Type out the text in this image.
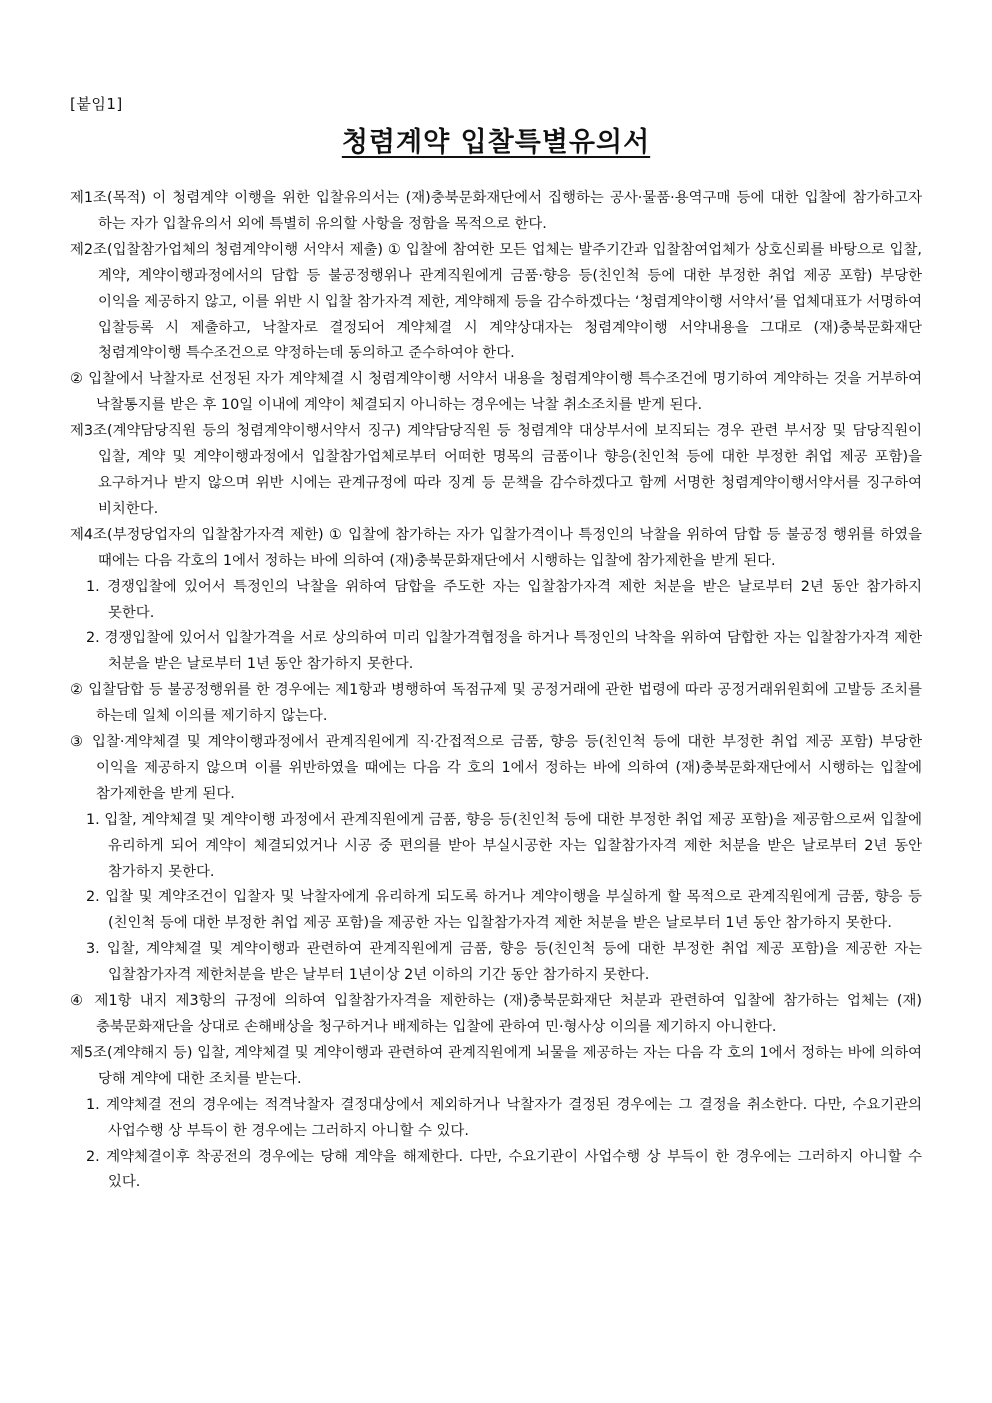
[붙임1]
청렴계약 입찰특별유의서

제1조(목적) 이 청렴계약 이행을 위한 입찰유의서는 (재)충북문화재단에서 집행하는 공사·물품·용역구매 등에 대한 입찰에 참가하고자 하는 자가 입찰유의서 외에 특별히 유의할 사항을 정함을 목적으로 한다.

제2조(입찰참가업체의 청렴계약이행 서약서 제출) ① 입찰에 참여한 모든 업체는 발주기간과 입찰참여업체가 상호신뢰를 바탕으로 입찰, 계약, 계약이행과정에서의 담합 등 불공정행위나 관계직원에게 금품·향응 등(친인척 등에 대한 부정한 취업 제공 포함) 부당한 이익을 제공하지 않고, 이를 위반 시 입찰 참가자격 제한, 계약해제 등을 감수하겠다는 ‘청렴계약이행 서약서’를 업체대표가 서명하여 입찰등록 시 제출하고, 낙찰자로 결정되어 계약체결 시 계약상대자는 청렴계약이행 서약내용을 그대로 (재)충북문화재단 청렴계약이행 특수조건으로 약정하는데 동의하고 준수하여야 한다.

② 입찰에서 낙찰자로 선정된 자가 계약체결 시 청렴계약이행 서약서 내용을 청렴계약이행 특수조건에 명기하여 계약하는 것을 거부하여 낙찰통지를 받은 후 10일 이내에 계약이 체결되지 아니하는 경우에는 낙찰 취소조치를 받게 된다.

제3조(계약담당직원 등의 청렴계약이행서약서 징구) 계약담당직원 등 청렴계약 대상부서에 보직되는 경우 관련 부서장 및 담당직원이 입찰, 계약 및 계약이행과정에서 입찰참가업체로부터 어떠한 명목의 금품이나 향응(친인척 등에 대한 부정한 취업 제공 포함)을 요구하거나 받지 않으며 위반 시에는 관계규정에 따라 징계 등 문책을 감수하겠다고 함께 서명한 청렴계약이행서약서를 징구하여 비치한다.

제4조(부정당업자의 입찰참가자격 제한) ① 입찰에 참가하는 자가 입찰가격이나 특정인의 낙찰을 위하여 담합 등 불공정 행위를 하였을 때에는 다음 각호의 1에서 정하는 바에 의하여 (재)충북문화재단에서 시행하는 입찰에 참가제한을 받게 된다.

1. 경쟁입찰에 있어서 특정인의 낙찰을 위하여 담합을 주도한 자는 입찰참가자격 제한 처분을 받은 날로부터 2년 동안 참가하지 못한다.

2. 경쟁입찰에 있어서 입찰가격을 서로 상의하여 미리 입찰가격협정을 하거나 특정인의 낙착을 위하여 담합한 자는 입찰참가자격 제한 처분을 받은 날로부터 1년 동안 참가하지 못한다.

② 입찰담합 등 불공정행위를 한 경우에는 제1항과 병행하여 독점규제 및 공정거래에 관한 법령에 따라 공정거래위원회에 고발등 조치를 하는데 일체 이의를 제기하지 않는다.

③ 입찰·계약체결 및 계약이행과정에서 관계직원에게 직·간접적으로 금품, 향응 등(친인척 등에 대한 부정한 취업 제공 포함) 부당한 이익을 제공하지 않으며 이를 위반하였을 때에는 다음 각 호의 1에서 정하는 바에 의하여 (재)충북문화재단에서 시행하는 입찰에 참가제한을 받게 된다.

1. 입찰, 계약체결 및 계약이행 과정에서 관계직원에게 금품, 향응 등(친인척 등에 대한 부정한 취업 제공 포함)을 제공함으로써 입찰에 유리하게 되어 계약이 체결되었거나 시공 중 편의를 받아 부실시공한 자는 입찰참가자격 제한 처분을 받은 날로부터 2년 동안 참가하지 못한다.

2. 입찰 및 계약조건이 입찰자 및 낙찰자에게 유리하게 되도록 하거나 계약이행을 부실하게 할 목적으로 관계직원에게 금품, 향응 등(친인척 등에 대한 부정한 취업 제공 포함)을 제공한 자는 입찰참가자격 제한 처분을 받은 날로부터 1년 동안 참가하지 못한다.

3. 입찰, 계약체결 및 계약이행과 관련하여 관계직원에게 금품, 향응 등(친인척 등에 대한 부정한 취업 제공 포함)을 제공한 자는 입찰참가자격 제한처분을 받은 날부터 1년이상 2년 이하의 기간 동안 참가하지 못한다.

④ 제1항 내지 제3항의 규정에 의하여 입찰참가자격을 제한하는 (재)충북문화재단 처분과 관련하여 입찰에 참가하는 업체는 (재)충북문화재단을 상대로 손해배상을 청구하거나 배제하는 입찰에 관하여 민·형사상 이의를 제기하지 아니한다.

제5조(계약해지 등) 입찰, 계약체결 및 계약이행과 관련하여 관계직원에게 뇌물을 제공하는 자는 다음 각 호의 1에서 정하는 바에 의하여 당해 계약에 대한 조치를 받는다.

1. 계약체결 전의 경우에는 적격낙찰자 결정대상에서 제외하거나 낙찰자가 결정된 경우에는 그 결정을 취소한다. 다만, 수요기관의 사업수행 상 부득이 한 경우에는 그러하지 아니할 수 있다.

2. 계약체결이후 착공전의 경우에는 당해 계약을 해제한다. 다만, 수요기관이 사업수행 상 부득이 한 경우에는 그러하지 아니할 수 있다.
